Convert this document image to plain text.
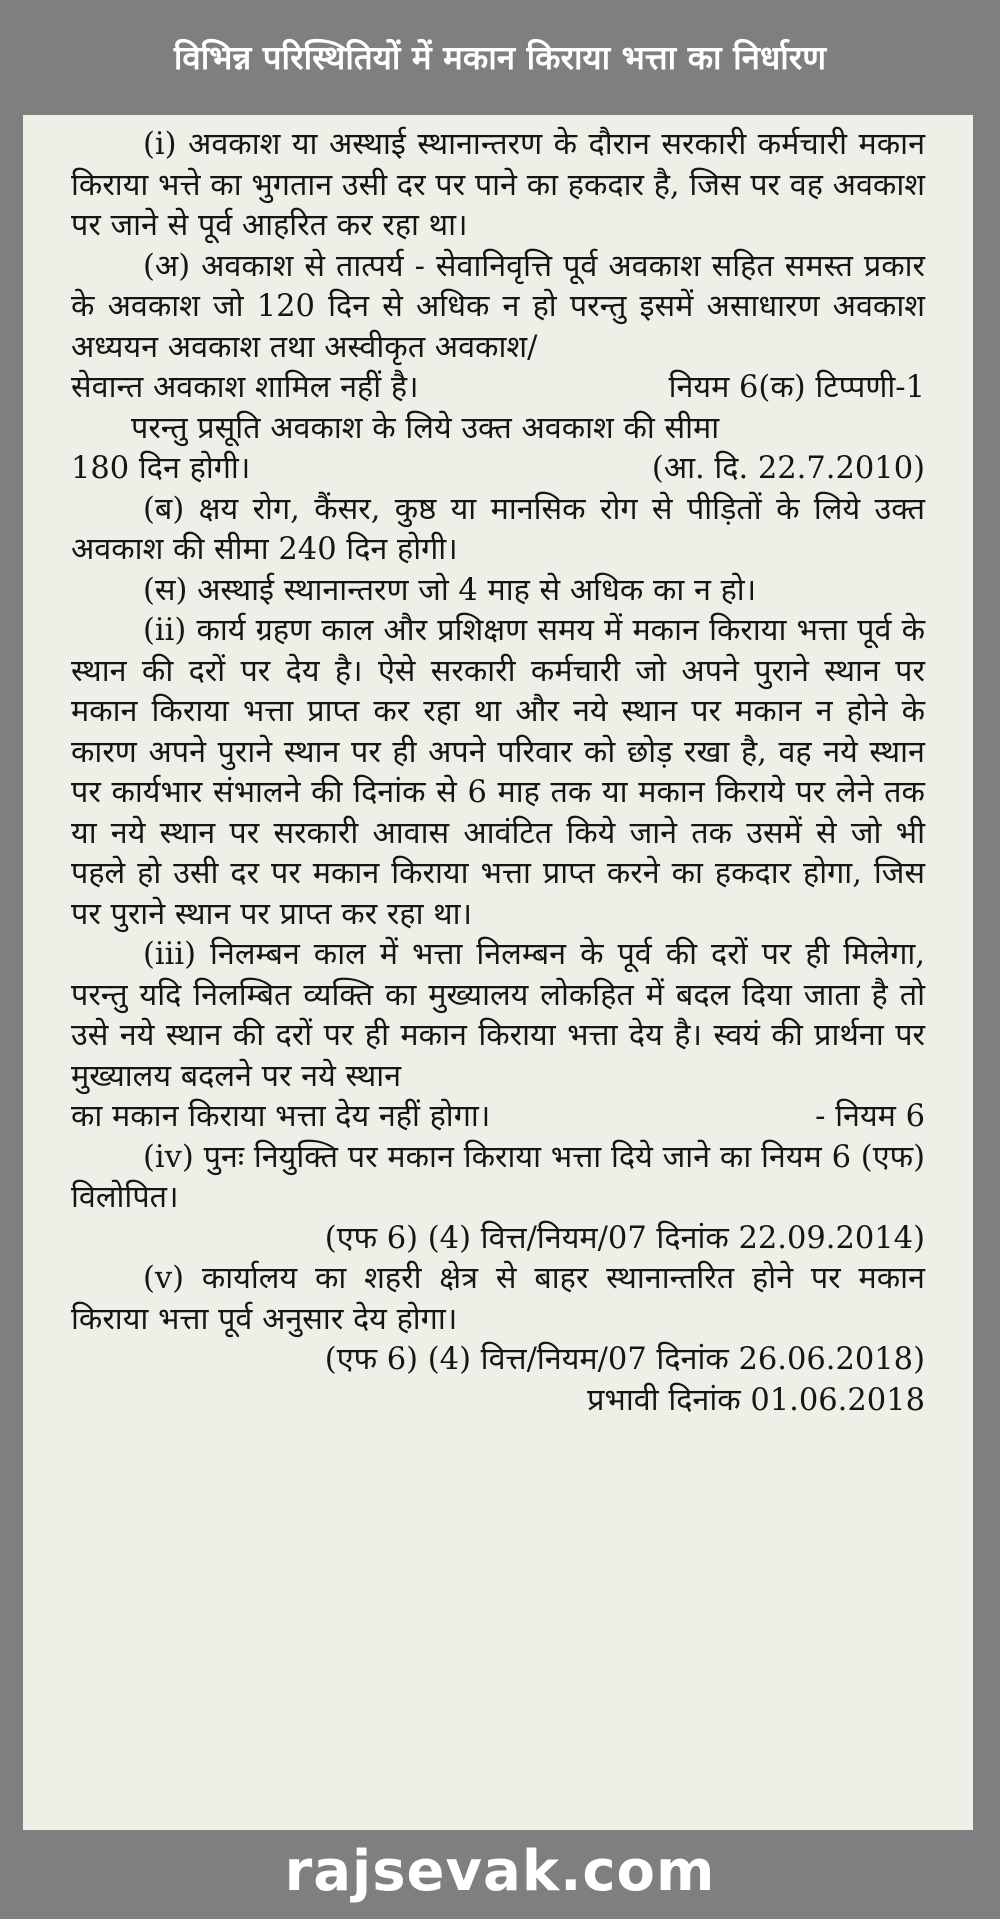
विभिन्न परिस्थितियों में मकान किराया भत्ता का निर्धारण

(i) अवकाश या अस्थाई स्थानान्तरण के दौरान सरकारी कर्मचारी मकान किराया भत्ते का भुगतान उसी दर पर पाने का हकदार है, जिस पर वह अवकाश पर जाने से पूर्व आहरित कर रहा था।

(अ) अवकाश से तात्पर्य - सेवानिवृत्ति पूर्व अवकाश सहित समस्त प्रकार के अवकाश जो 120 दिन से अधिक न हो परन्तु इसमें असाधारण अवकाश अध्ययन अवकाश तथा अस्वीकृत अवकाश/

सेवान्त अवकाश शामिल नहीं है।	नियम 6(क) टिप्पणी-1

परन्तु प्रसूति अवकाश के लिये उक्त अवकाश की सीमा

180 दिन होगी।	(आ. दि. 22.7.2010)

(ब) क्षय रोग, कैंसर, कुष्ठ या मानसिक रोग से पीड़ितों के लिये उक्त अवकाश की सीमा 240 दिन होगी।

(स) अस्थाई स्थानान्तरण जो 4 माह से अधिक का न हो।

(ii) कार्य ग्रहण काल और प्रशिक्षण समय में मकान किराया भत्ता पूर्व के स्थान की दरों पर देय है। ऐसे सरकारी कर्मचारी जो अपने पुराने स्थान पर मकान किराया भत्ता प्राप्त कर रहा था और नये स्थान पर मकान न होने के कारण अपने पुराने स्थान पर ही अपने परिवार को छोड़ रखा है, वह नये स्थान पर कार्यभार संभालने की दिनांक से 6 माह तक या मकान किराये पर लेने तक या नये स्थान पर सरकारी आवास आवंटित किये जाने तक उसमें से जो भी पहले हो उसी दर पर मकान किराया भत्ता प्राप्त करने का हकदार होगा, जिस पर पुराने स्थान पर प्राप्त कर रहा था।

(iii) निलम्बन काल में भत्ता निलम्बन के पूर्व की दरों पर ही मिलेगा, परन्तु यदि निलम्बित व्यक्ति का मुख्यालय लोकहित में बदल दिया जाता है तो उसे नये स्थान की दरों पर ही मकान किराया भत्ता देय है। स्वयं की प्रार्थना पर मुख्यालय बदलने पर नये स्थान

का मकान किराया भत्ता देय नहीं होगा।	- नियम 6

(iv) पुनः नियुक्ति पर मकान किराया भत्ता दिये जाने का नियम 6 (एफ) विलोपित।

(एफ 6) (4) वित्त/नियम/07 दिनांक 22.09.2014)

(v) कार्यालय का शहरी क्षेत्र से बाहर स्थानान्तरित होने पर मकान किराया भत्ता पूर्व अनुसार देय होगा।

(एफ 6) (4) वित्त/नियम/07 दिनांक 26.06.2018)

प्रभावी दिनांक 01.06.2018

rajsevak.com
